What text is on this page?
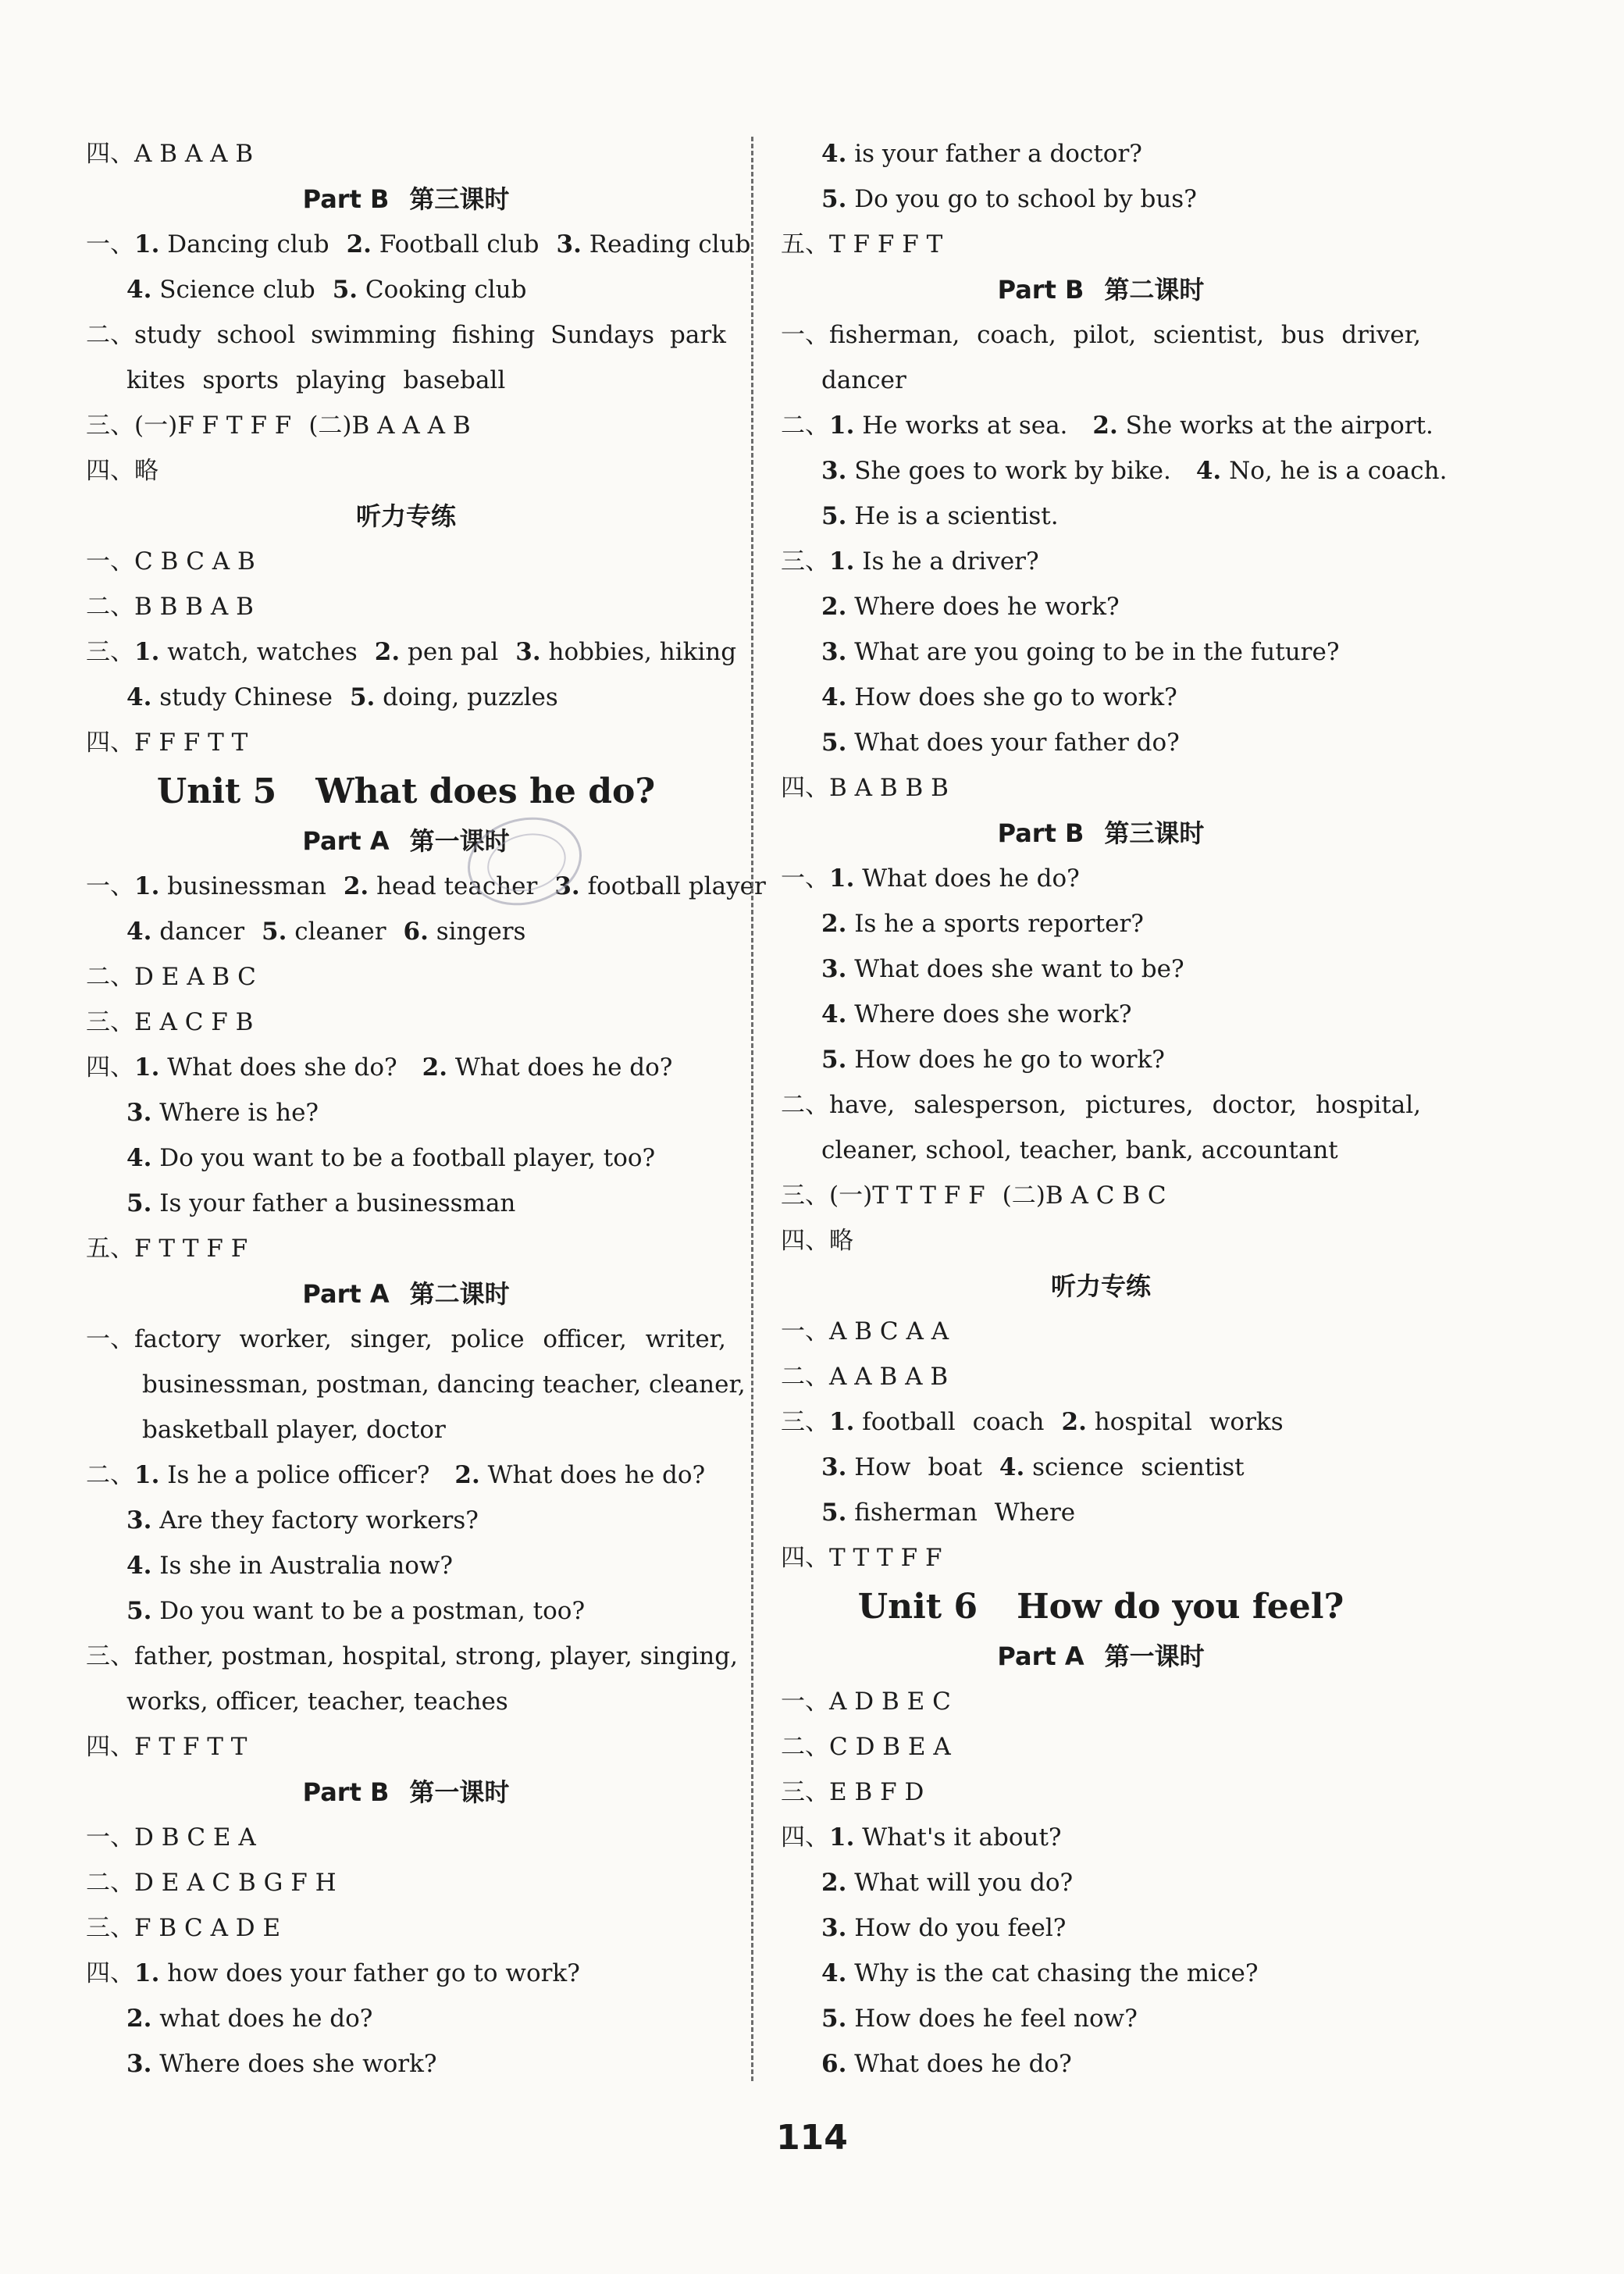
四、A B A A B
Part B 第三课时
一、1. Dancing club 2. Football club 3. Reading club
4. Science club 5. Cooking club
二、study school swimming fishing Sundays park
kites sports playing baseball
三、(一)F F T F F (二)B A A A B
四、略
听力专练
一、C B C A B
二、B B B A B
三、1. watch, watches 2. pen pal 3. hobbies, hiking
4. study Chinese 5. doing, puzzles
四、F F F T T
Unit 5 What does he do?
Part A 第一课时
一、1. businessman 2. head teacher 3. football player
4. dancer 5. cleaner 6. singers
二、D E A B C
三、E A C F B
四、1. What does she do? 2. What does he do?
3. Where is he?
4. Do you want to be a football player, too?
5. Is your father a businessman
五、F T T F F
Part A 第二课时
一、factory worker, singer, police officer, writer,
businessman, postman, dancing teacher, cleaner,
basketball player, doctor
二、1. Is he a police officer? 2. What does he do?
3. Are they factory workers?
4. Is she in Australia now?
5. Do you want to be a postman, too?
三、father, postman, hospital, strong, player, singing,
works, officer, teacher, teaches
四、F T F T T
Part B 第一课时
一、D B C E A
二、D E A C B G F H
三、F B C A D E
四、1. how does your father go to work?
2. what does he do?
3. Where does she work?
4. is your father a doctor?
5. Do you go to school by bus?
五、T F F F T
Part B 第二课时
一、fisherman, coach, pilot, scientist, bus driver,
dancer
二、1. He works at sea. 2. She works at the airport.
3. She goes to work by bike. 4. No, he is a coach.
5. He is a scientist.
三、1. Is he a driver?
2. Where does he work?
3. What are you going to be in the future?
4. How does she go to work?
5. What does your father do?
四、B A B B B
Part B 第三课时
一、1. What does he do?
2. Is he a sports reporter?
3. What does she want to be?
4. Where does she work?
5. How does he go to work?
二、have, salesperson, pictures, doctor, hospital,
cleaner, school, teacher, bank, accountant
三、(一)T T T F F (二)B A C B C
四、略
听力专练
一、A B C A A
二、A A B A B
三、1. football coach 2. hospital works
3. How boat 4. science scientist
5. fisherman Where
四、T T T F F
Unit 6 How do you feel?
Part A 第一课时
一、A D B E C
二、C D B E A
三、E B F D
四、1. What's it about?
2. What will you do?
3. How do you feel?
4. Why is the cat chasing the mice?
5. How does he feel now?
6. What does he do?
114
